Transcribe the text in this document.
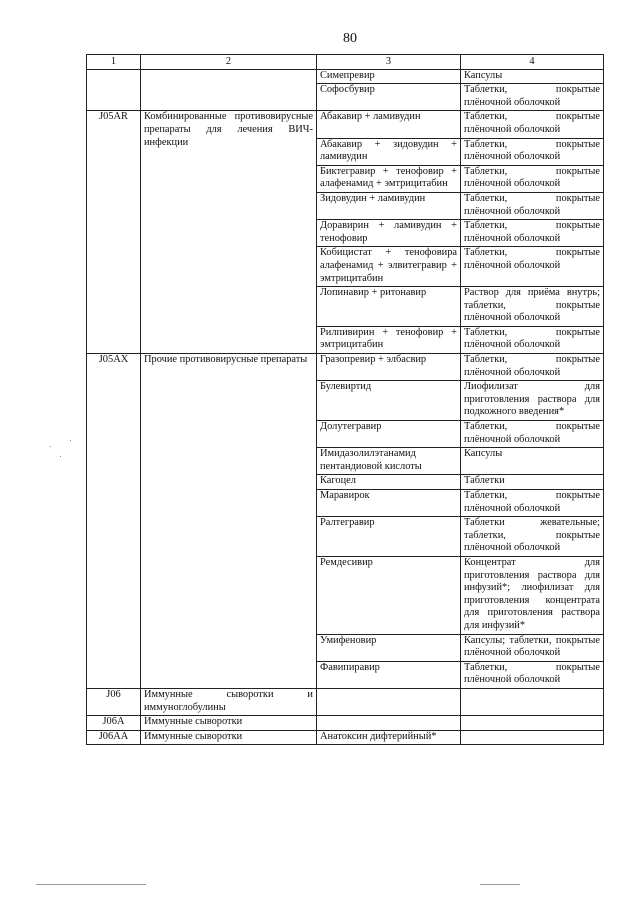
80
1	2	3	4
		Симепревир	Капсулы
		Софосбувир	Таблетки, покрытые плёночной оболочкой
J05AR	Комбинированные противовирусные препараты для лечения ВИЧ-инфекции	Абакавир + ламивудин	Таблетки, покрытые плёночной оболочкой
		Абакавир + зидовудин + ламивудин	Таблетки, покрытые плёночной оболочкой
		Биктегравир + тенофовир + алафенамид + эмтрицитабин	Таблетки, покрытые плёночной оболочкой
		Зидовудин + ламивудин	Таблетки, покрытые плёночной оболочкой
		Доравирин + ламивудин + тенофовир	Таблетки, покрытые плёночной оболочкой
		Кобицистат + тенофовира алафенамид + элвитегравир + эмтрицитабин	Таблетки, покрытые плёночной оболочкой
		Лопинавир + ритонавир	Раствор для приёма внутрь; таблетки, покрытые плёночной оболочкой
		Рилпивирин + тенофовир + эмтрицитабин	Таблетки, покрытые плёночной оболочкой
J05AX	Прочие противовирусные препараты	Гразопревир + элбасвир	Таблетки, покрытые плёночной оболочкой
		Булевиртид	Лиофилизат для приготовления раствора для подкожного введения*
		Долутегравир	Таблетки, покрытые плёночной оболочкой
		Имидазолилэтанамид пентандиовой кислоты	Капсулы
		Кагоцел	Таблетки
		Маравирок	Таблетки, покрытые плёночной оболочкой
		Ралтегравир	Таблетки жевательные; таблетки, покрытые плёночной оболочкой
		Ремдесивир	Концентрат для приготовления раствора для инфузий*; лиофилизат для приготовления концентрата для приготовления раствора для инфузий*
		Умифеновир	Капсулы; таблетки, покрытые плёночной оболочкой
		Фавипиравир	Таблетки, покрытые плёночной оболочкой
J06	Иммунные сыворотки и иммуноглобулины		
J06A	Иммунные сыворотки		
J06AA	Иммунные сыворотки	Анатоксин дифтерийный*	
